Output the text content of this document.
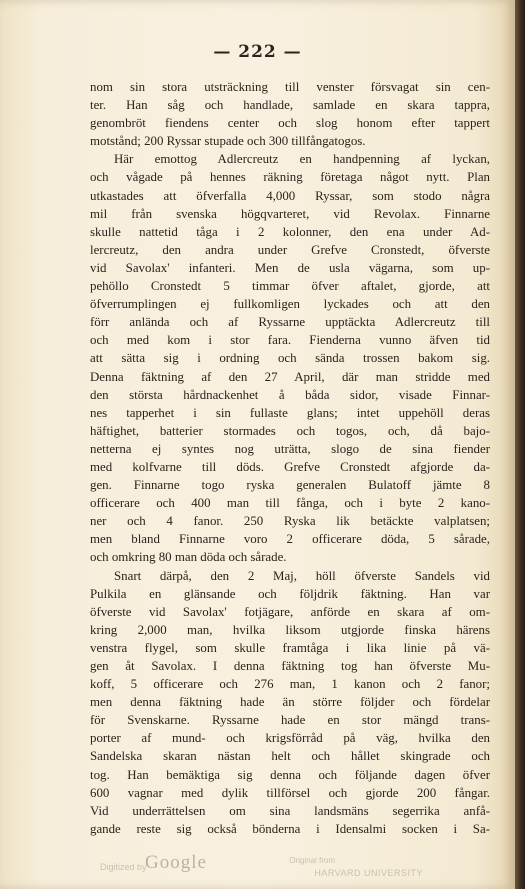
— 222 —
nom sin stora utsträckning till venster försvagat sin cen-
ter. Han såg och handlade, samlade en skara tappra,
genombröt fiendens center och slog honom efter tappert
motstånd; 200 Ryssar stupade och 300 tillfångatogos.
Här emottog Adlercreutz en handpenning af lyckan,
och vågade på hennes räkning företaga något nytt. Plan
utkastades att öfverfalla 4,000 Ryssar, som stodo några
mil från svenska högqvarteret, vid Revolax. Finnarne
skulle nattetid tåga i 2 kolonner, den ena under Ad-
lercreutz, den andra under Grefve Cronstedt, öfverste
vid Savolax' infanteri. Men de usla vägarna, som up-
pehöllo Cronstedt 5 timmar öfver aftalet, gjorde, att
öfverrumplingen ej fullkomligen lyckades och att den
förr anlända och af Ryssarne upptäckta Adlercreutz till
och med kom i stor fara. Fienderna vunno äfven tid
att sätta sig i ordning och sända trossen bakom sig.
Denna fäktning af den 27 April, där man stridde med
den största hårdnackenhet å båda sidor, visade Finnar-
nes tapperhet i sin fullaste glans; intet uppehöll deras
häftighet, batterier stormades och togos, och, då bajo-
netterna ej syntes nog uträtta, slogo de sina fiender
med kolfvarne till döds. Grefve Cronstedt afgjorde da-
gen. Finnarne togo ryska generalen Bulatoff jämte 8
officerare och 400 man till fånga, och i byte 2 kano-
ner och 4 fanor. 250 Ryska lik betäckte valplatsen;
men bland Finnarne voro 2 officerare döda, 5 sårade,
och omkring 80 man döda och sårade.
Snart därpå, den 2 Maj, höll öfverste Sandels vid
Pulkila en glänsande och följdrik fäktning. Han var
öfverste vid Savolax' fotjägare, anförde en skara af om-
kring 2,000 man, hvilka liksom utgjorde finska härens
venstra flygel, som skulle framtåga i lika linie på vä-
gen åt Savolax. I denna fäktning tog han öfverste Mu-
koff, 5 officerare och 276 man, 1 kanon och 2 fanor;
men denna fäktning hade än större följder och fördelar
för Svenskarne. Ryssarne hade en stor mängd trans-
porter af mund- och krigsförråd på väg, hvilka den
Sandelska skaran nästan helt och hållet skingrade och
tog. Han bemäktiga sig denna och följande dagen öfver
600 vagnar med dylik tillförsel och gjorde 200 fångar.
Vid underrättelsen om sina landsmäns segerrika anfå-
gande reste sig också bönderna i Idensalmi socken i Sa-
Digitized by
Google	Original from
HARVARD UNIVERSITY
